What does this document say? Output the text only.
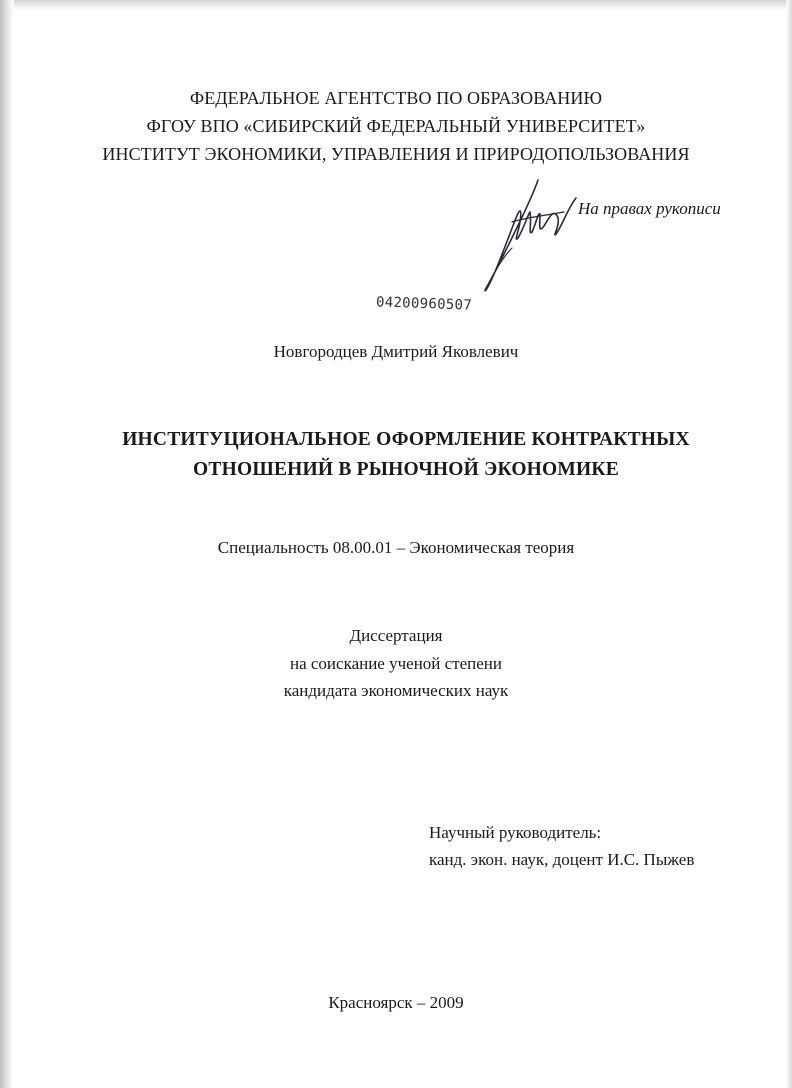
ФЕДЕРАЛЬНОЕ АГЕНТСТВО ПО ОБРАЗОВАНИЮ
ФГОУ ВПО «СИБИРСКИЙ ФЕДЕРАЛЬНЫЙ УНИВЕРСИТЕТ»
ИНСТИТУТ ЭКОНОМИКИ, УПРАВЛЕНИЯ И ПРИРОДОПОЛЬЗОВАНИЯ
На правах рукописи
04200960507
Новгородцев Дмитрий Яковлевич
ИНСТИТУЦИОНАЛЬНОЕ ОФОРМЛЕНИЕ КОНТРАКТНЫХ
ОТНОШЕНИЙ В РЫНОЧНОЙ ЭКОНОМИКЕ
Специальность 08.00.01 – Экономическая теория
Диссертация
на соискание ученой степени
кандидата экономических наук
Научный руководитель:
канд. экон. наук, доцент И.С. Пыжев
Красноярск – 2009
